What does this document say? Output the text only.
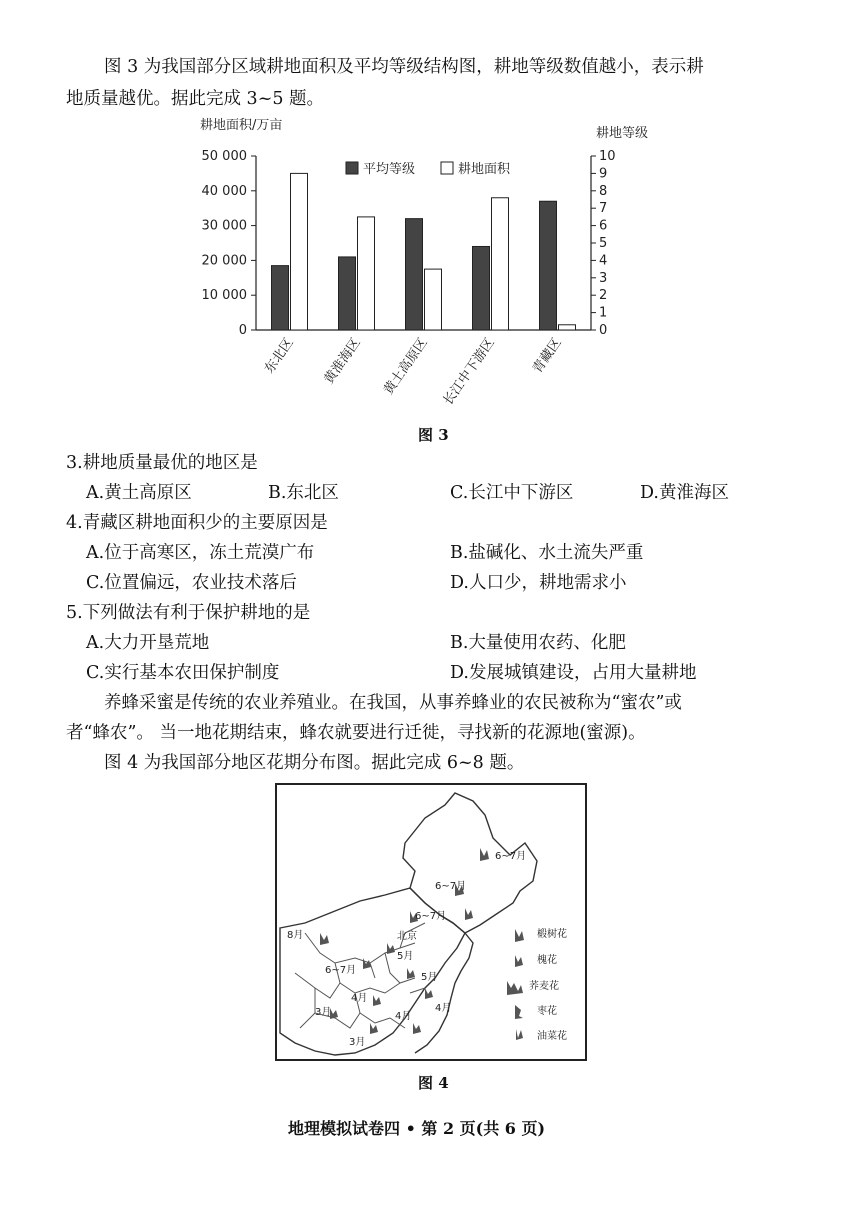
图 3 为我国部分区域耕地面积及平均等级结构图，耕地等级数值越小，表示耕
地质量越优。据此完成 3~5 题。
耕地面积/万亩
耕地等级
50 000
40 000
30 000
20 000
10 000
0
10
9
8
7
6
5
4
3
2
1
0
平均等级	耕地面积
东北区 黄淮海区 黄土高原区 长江中下游区 青藏区
图 3
3.耕地质量最优的地区是
A.黄土高原区	B.东北区	C.长江中下游区	D.黄淮海区
4.青藏区耕地面积少的主要原因是
A.位于高寒区，冻土荒漠广布	B.盐碱化、水土流失严重
C.位置偏远，农业技术落后	D.人口少，耕地需求小
5.下列做法有利于保护耕地的是
A.大力开垦荒地	B.大量使用农药、化肥
C.实行基本农田保护制度	D.发展城镇建设，占用大量耕地
养蜂采蜜是传统的农业养殖业。在我国，从事养蜂业的农民被称为“蜜农”或
者“蜂农”。 当一地花期结束，蜂农就要进行迁徙，寻找新的花源地(蜜源)。
图 4 为我国部分地区花期分布图。据此完成 6~8 题。
6~7月
6~7月
6~7月
8月	北京
5月
6~7月
5月
4月
4月
3月
3月
4月
椴树花
槐花
荞麦花
枣花
油菜花
图 4
地理模拟试卷四 • 第 2 页(共 6 页)
